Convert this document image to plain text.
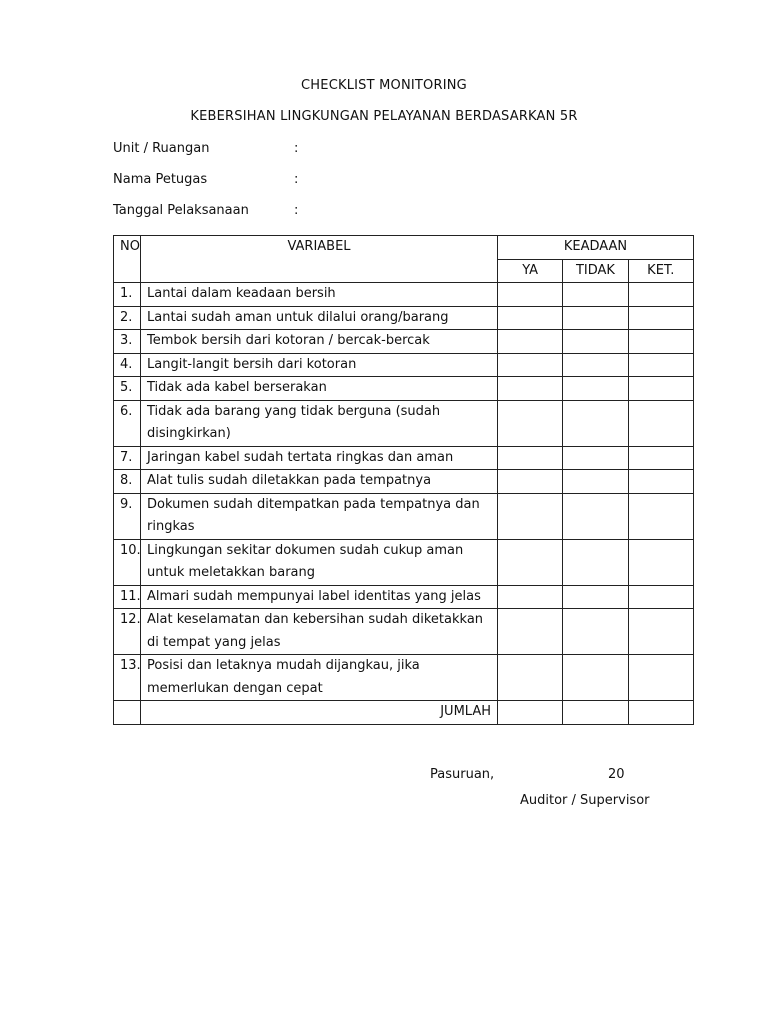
CHECKLIST MONITORING
KEBERSIHAN LINGKUNGAN PELAYANAN BERDASARKAN 5R
Unit / Ruangan	:
Nama Petugas	:
Tanggal Pelaksanaan	:
NO	VARIABEL	KEADAAN		
		YA	TIDAK	KET.
1.	Lantai dalam keadaan bersih			
2.	Lantai sudah aman untuk dilalui orang/barang			
3.	Tembok bersih dari kotoran / bercak-bercak			
4.	Langit-langit bersih dari kotoran			
5.	Tidak ada kabel berserakan			
6.	Tidak ada barang yang tidak berguna (sudah disingkirkan)			
7.	Jaringan kabel sudah tertata ringkas dan aman			
8.	Alat tulis sudah diletakkan pada tempatnya			
9.	Dokumen sudah ditempatkan pada tempatnya dan ringkas			
10.	Lingkungan sekitar dokumen sudah cukup aman untuk meletakkan barang			
11.	Almari sudah mempunyai label identitas yang jelas			
12.	Alat keselamatan dan kebersihan sudah diketakkan di tempat yang jelas			
13.	Posisi dan letaknya mudah dijangkau, jika memerlukan dengan cepat			
	JUMLAH			
Pasuruan,	20
Auditor / Supervisor
